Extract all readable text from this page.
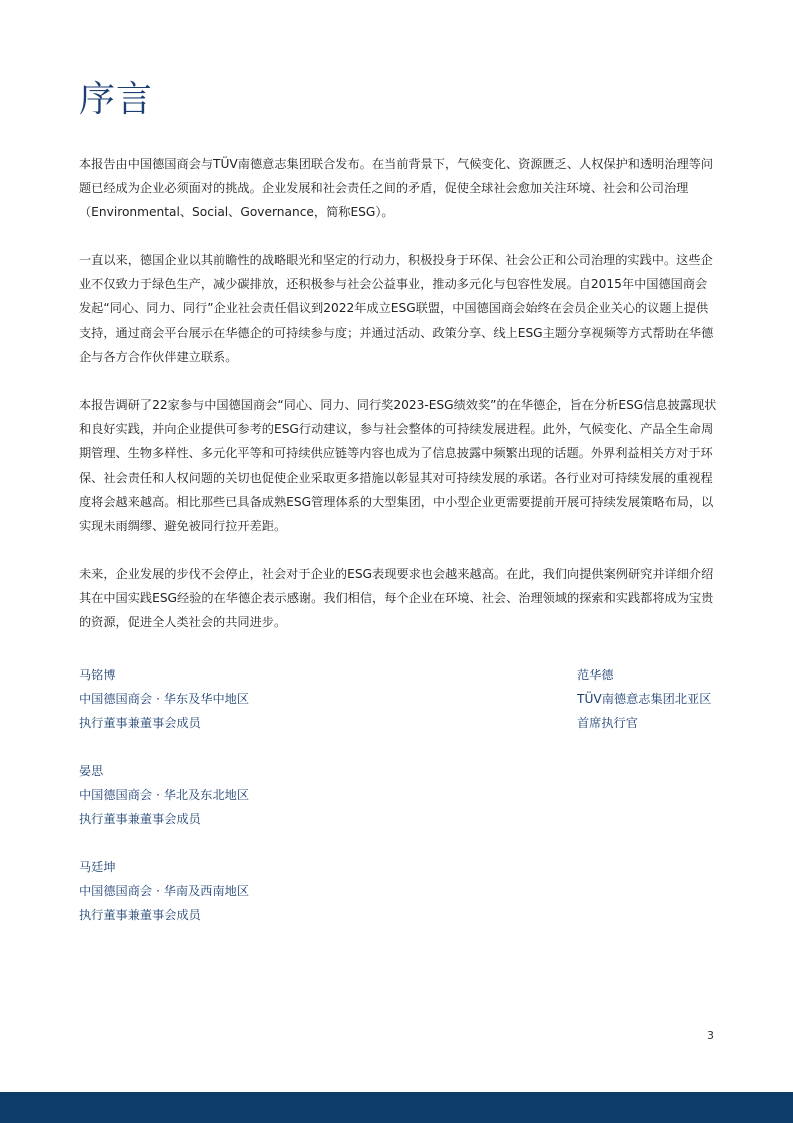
序言

本报告由中国德国商会与TÜV南德意志集团联合发布。在当前背景下，气候变化、资源匮乏、人权保护和透明治理等问题已经成为企业必须面对的挑战。企业发展和社会责任之间的矛盾，促使全球社会愈加关注环境、社会和公司治理（Environmental、Social、Governance，简称ESG）。

一直以来，德国企业以其前瞻性的战略眼光和坚定的行动力，积极投身于环保、社会公正和公司治理的实践中。这些企业不仅致力于绿色生产，减少碳排放，还积极参与社会公益事业，推动多元化与包容性发展。自2015年中国德国商会发起“同心、同力、同行”企业社会责任倡议到2022年成立ESG联盟，中国德国商会始终在会员企业关心的议题上提供支持，通过商会平台展示在华德企的可持续参与度；并通过活动、政策分享、线上ESG主题分享视频等方式帮助在华德企与各方合作伙伴建立联系。

本报告调研了22家参与中国德国商会“同心、同力、同行奖2023-ESG绩效奖”的在华德企，旨在分析ESG信息披露现状和良好实践，并向企业提供可参考的ESG行动建议，参与社会整体的可持续发展进程。此外，气候变化、产品全生命周期管理、生物多样性、多元化平等和可持续供应链等内容也成为了信息披露中频繁出现的话题。外界利益相关方对于环保、社会责任和人权问题的关切也促使企业采取更多措施以彰显其对可持续发展的承诺。各行业对可持续发展的重视程度将会越来越高。相比那些已具备成熟ESG管理体系的大型集团，中小型企业更需要提前开展可持续发展策略布局，以实现未雨绸缪、避免被同行拉开差距。

未来，企业发展的步伐不会停止，社会对于企业的ESG表现要求也会越来越高。在此，我们向提供案例研究并详细介绍其在中国实践ESG经验的在华德企表示感谢。我们相信，每个企业在环境、社会、治理领域的探索和实践都将成为宝贵的资源，促进全人类社会的共同进步。

马铭博
中国德国商会 · 华东及华中地区
执行董事兼董事会成员
范华德
TÜV南德意志集团北亚区
首席执行官
晏思
中国德国商会 · 华北及东北地区
执行董事兼董事会成员
马廷坤
中国德国商会 · 华南及西南地区
执行董事兼董事会成员
3
